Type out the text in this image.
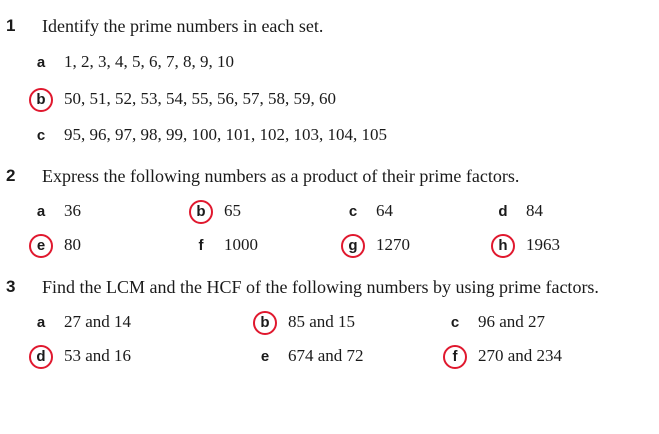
1 Identify the prime numbers in each set.
a	1, 2, 3, 4, 5, 6, 7, 8, 9, 10
b	50, 51, 52, 53, 54, 55, 56, 57, 58, 59, 60
c	95, 96, 97, 98, 99, 100, 101, 102, 103, 104, 105
2 Express the following numbers as a product of their prime factors.
a	36	b	65	c	64	d	84
e	80	f	1000	g	1270	h	1963
3 Find the LCM and the HCF of the following numbers by using prime factors.
a	27 and 14	b	85 and 15	c	96 and 27
d	53 and 16	e	674 and 72	f	270 and 234
